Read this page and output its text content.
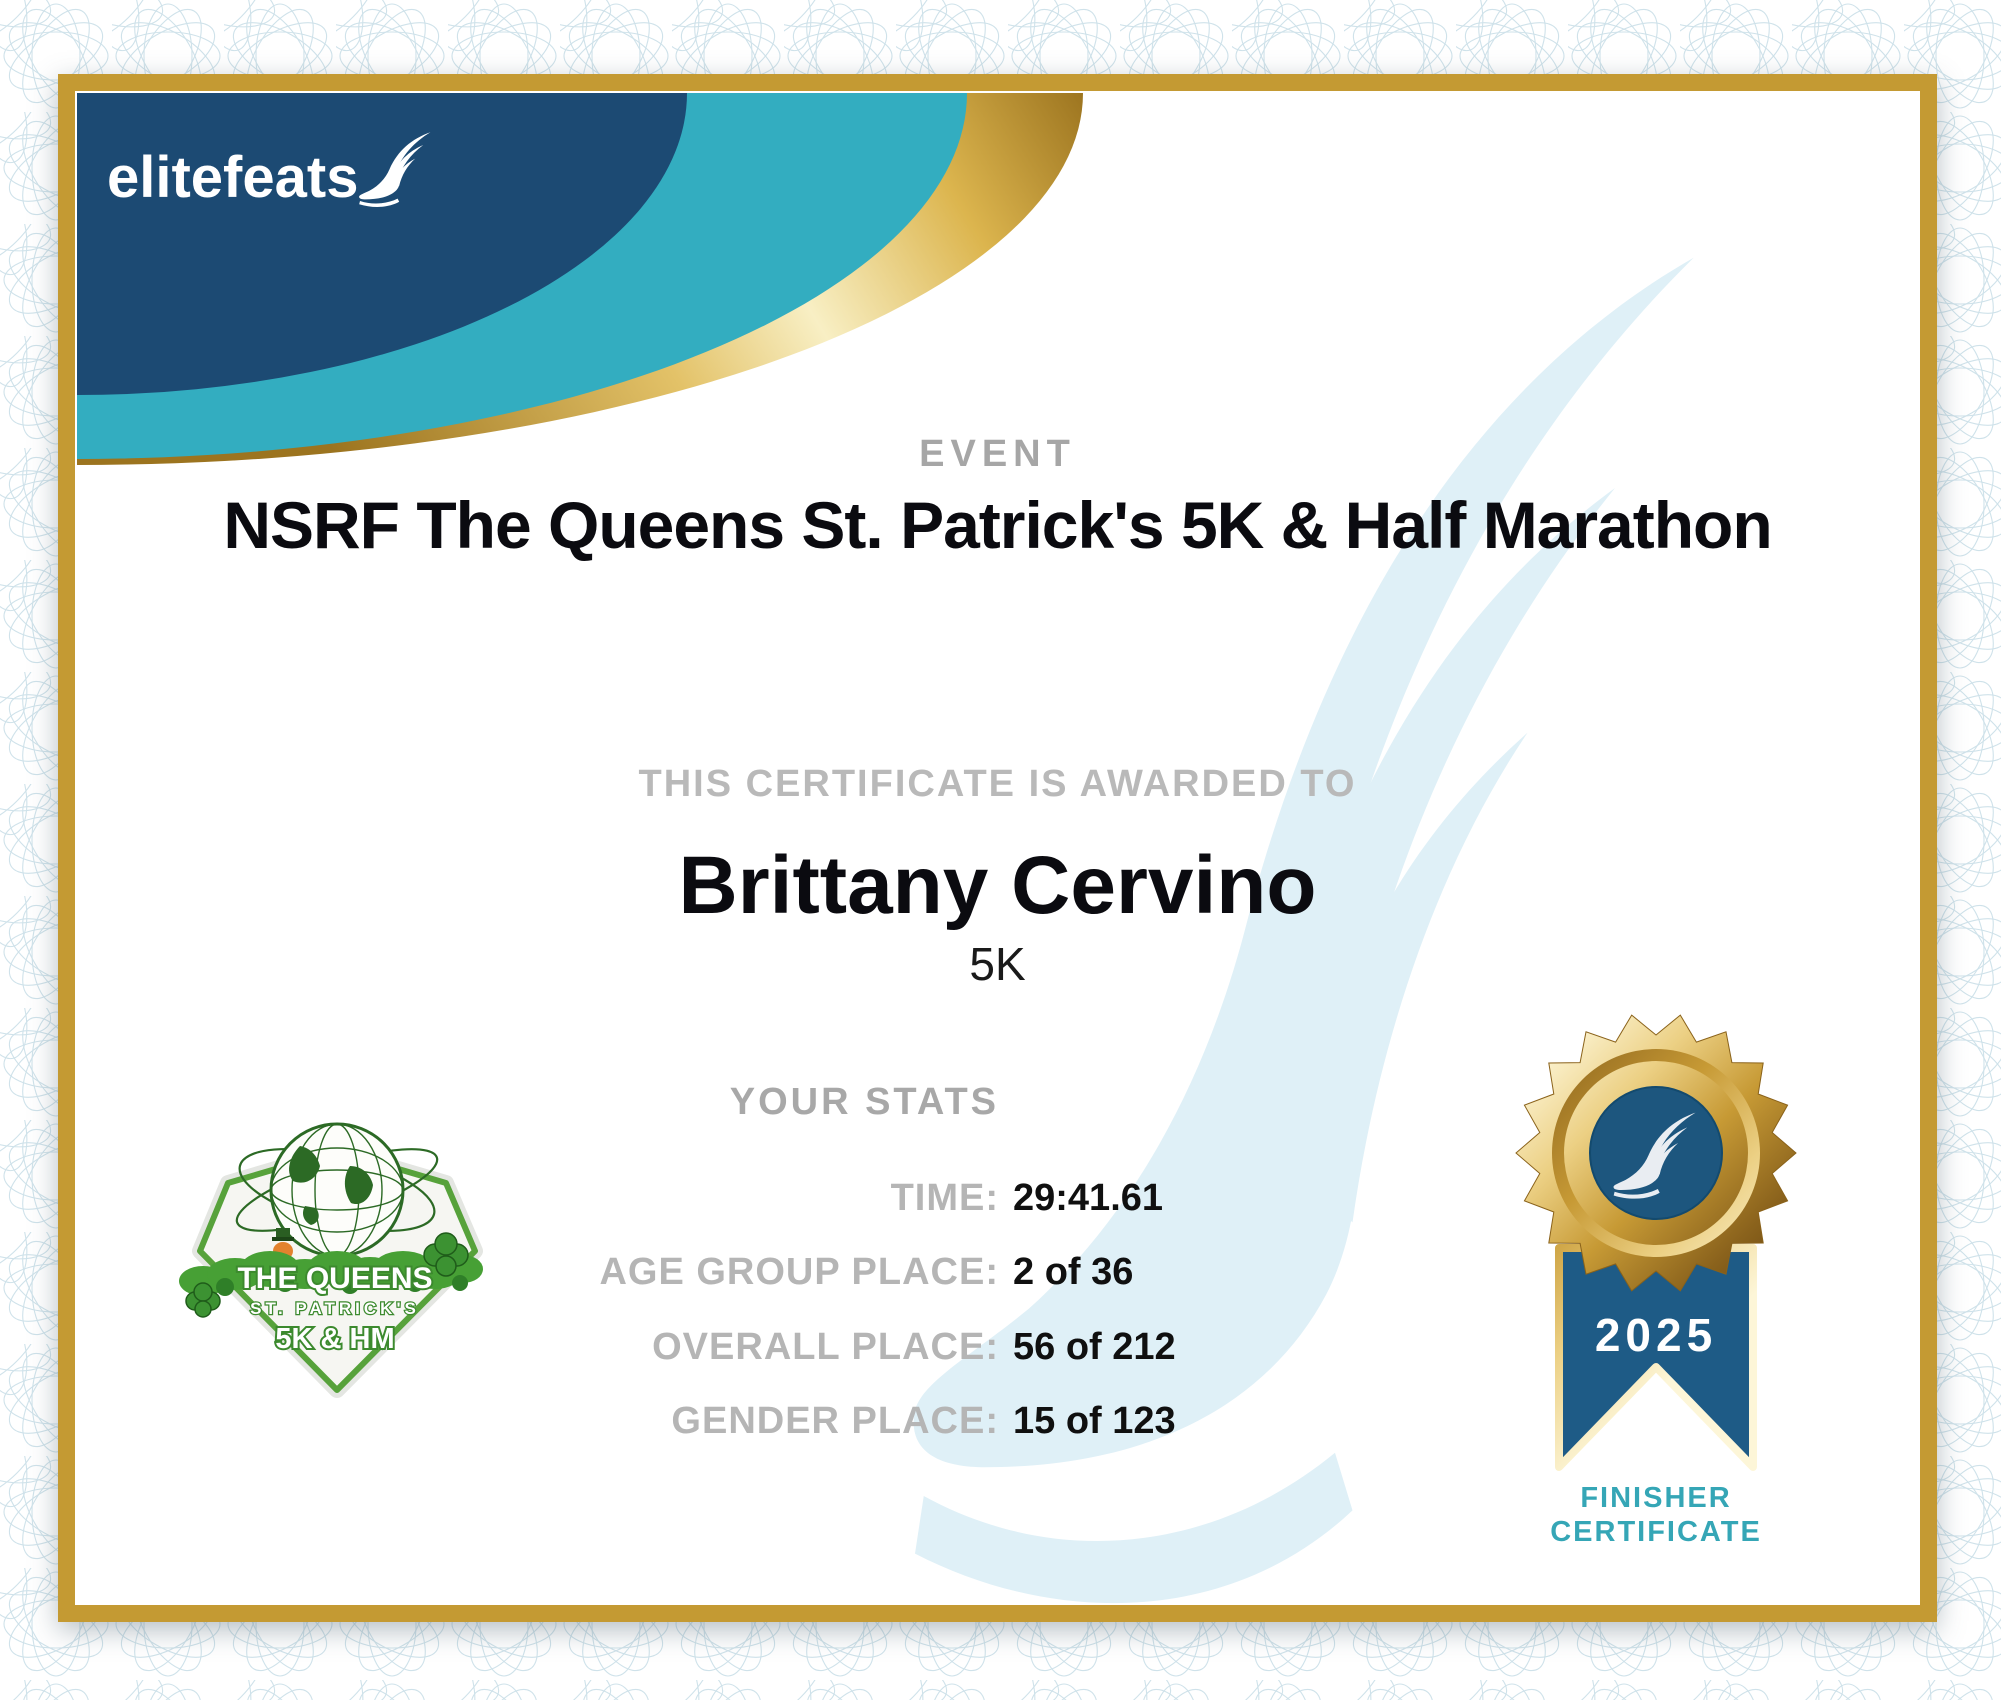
elitefeats
EVENT
NSRF The Queens St. Patrick's 5K & Half Marathon
THIS CERTIFICATE IS AWARDED TO
Brittany Cervino
5K
YOUR STATS
TIME: 29:41.61
AGE GROUP PLACE: 2 of 36
OVERALL PLACE: 56 of 212
GENDER PLACE: 15 of 123
2025
FINISHER
CERTIFICATE
THE QUEENS
ST. PATRICK'S
5K & HM
